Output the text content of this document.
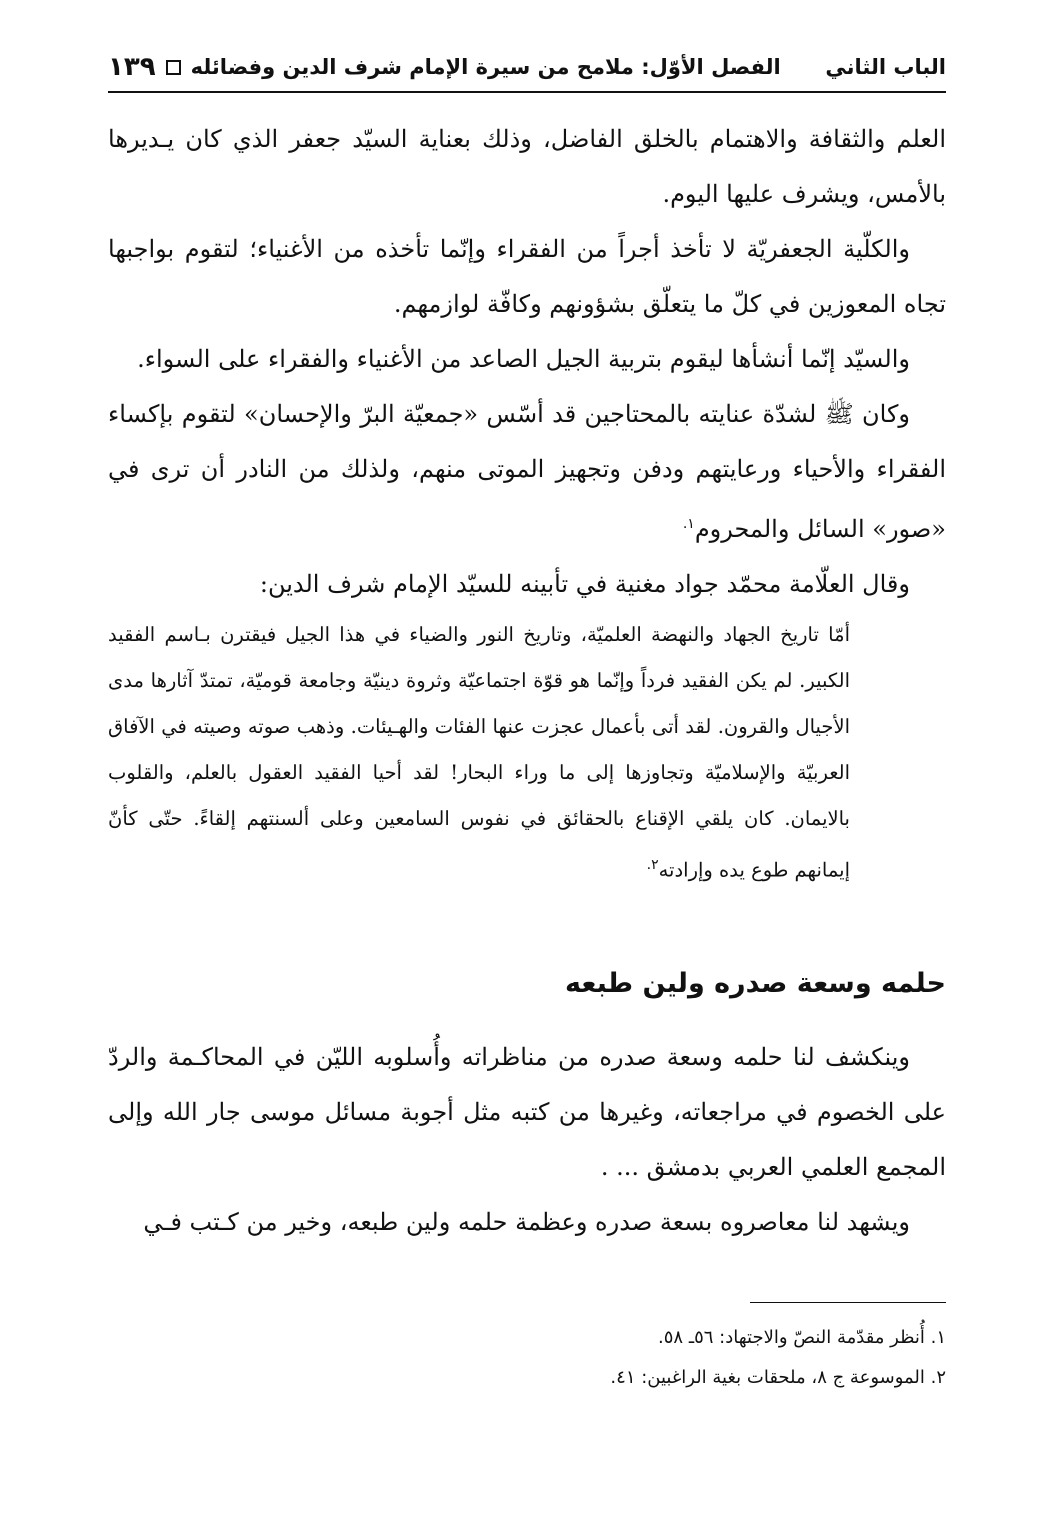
الباب الثاني
الفصل الأوّل: ملامح من سيرة الإمام شرف الدين وفضائله
١٣٩

العلم والثقافة والاهتمام بالخلق الفاضل، وذلك بعناية السيّد جعفر الذي كان يـديرها بالأمس، ويشرف عليها اليوم.

والكلّية الجعفريّة لا تأخذ أجراً من الفقراء وإنّما تأخذه من الأغنياء؛ لتقوم بواجبها تجاه المعوزين في كلّ ما يتعلّق بشؤونهم وكافّة لوازمهم.

والسيّد إنّما أنشأها ليقوم بتربية الجيل الصاعد من الأغنياء والفقراء على السواء.

وكان ﷺ لشدّة عنايته بالمحتاجين قد أسّس «جمعيّة البرّ والإحسان» لتقوم بإكساء الفقراء والأحياء ورعايتهم ودفن وتجهيز الموتى منهم، ولذلك من النادر أن ترى في «صور» السائل والمحروم$^{١.}$

وقال العلّامة محمّد جواد مغنية في تأبينه للسيّد الإمام شرف الدين:

أمّا تاريخ الجهاد والنهضة العلميّة، وتاريخ النور والضياء في هذا الجيل فيقترن بـاسم الفقيد الكبير. لم يكن الفقيد فرداً وإنّما هو قوّة اجتماعيّة وثروة دينيّة وجامعة قوميّة، تمتدّ آثارها مدى الأجيال والقرون. لقد أتى بأعمال عجزت عنها الفئات والهـيئات. وذهب صوته وصيته في الآفاق العربيّة والإسلاميّة وتجاوزها إلى ما وراء البحار! لقد أحيا الفقيد العقول بالعلم، والقلوب بالايمان. كان يلقي الإقناع بالحقائق في نفوس السامعين وعلى ألسنتهم إلقاءً. حتّى كأنّ إيمانهم طوع يده وإرادته$^{٢.}$

حلمه وسعة صدره ولين طبعه

وينكشف لنا حلمه وسعة صدره من مناظراته وأُسلوبه الليّن في المحاكـمة والردّ على الخصوم في مراجعاته، وغيرها من كتبه مثل أجوبة مسائل موسى جار الله وإلى المجمع العلمي العربي بدمشق ... .

ويشهد لنا معاصروه بسعة صدره وعظمة حلمه ولين طبعه، وخير من كـتب فـي

١. أُنظر مقدّمة النصّ والاجتهاد: ٥٦ـ ٥٨.

٢. الموسوعة ج ٨، ملحقات بغية الراغبين: ٤١.
